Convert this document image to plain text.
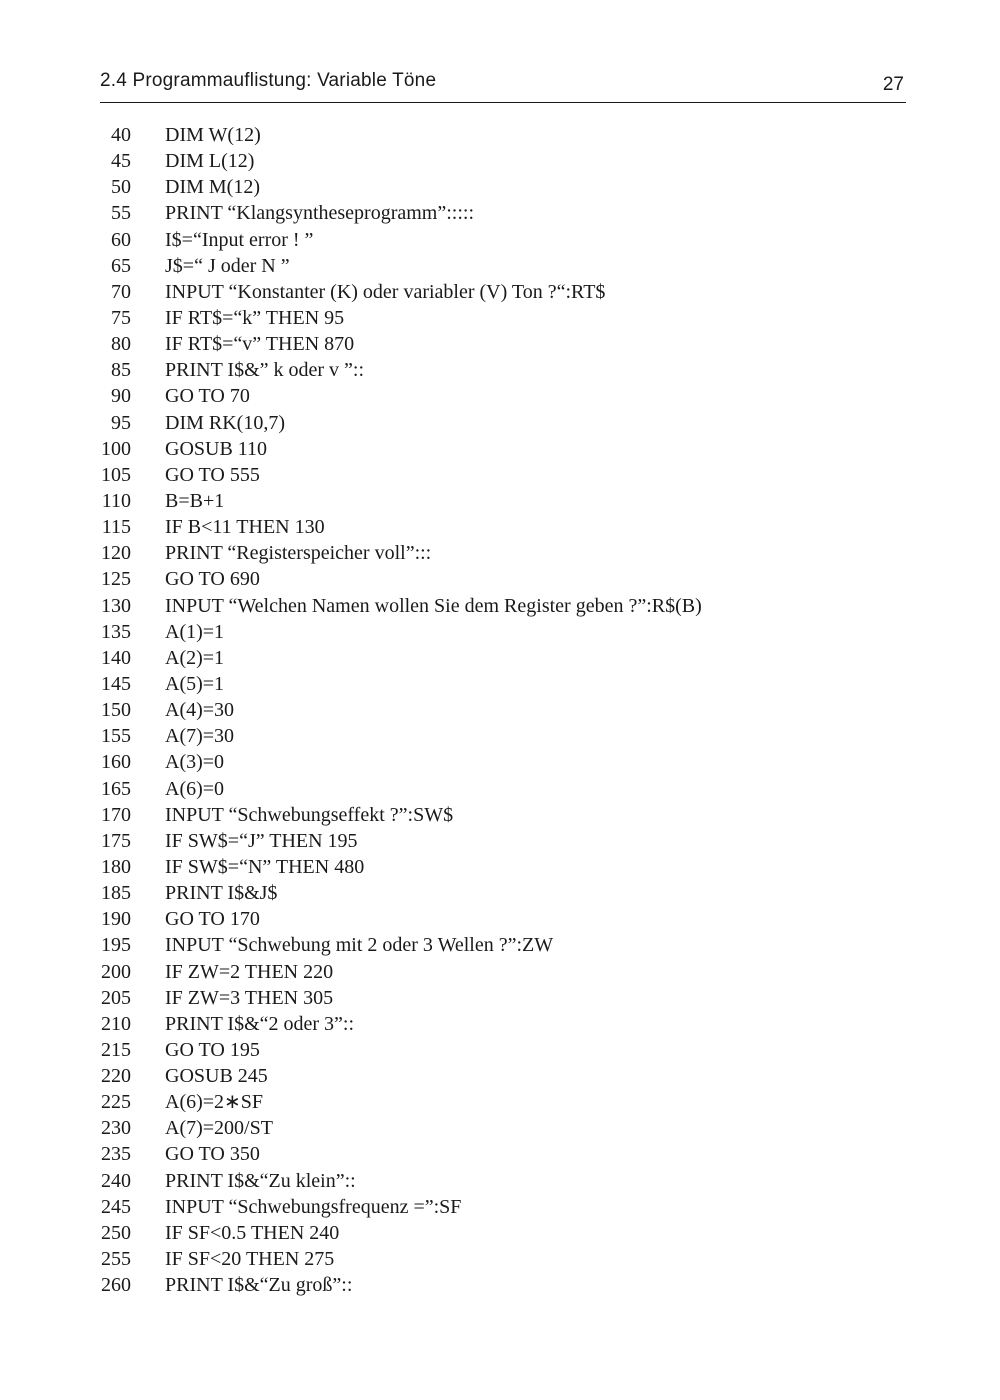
2.4 Programmauflistung: Variable Töne	27
40 DIM W(12)
45 DIM L(12)
50 DIM M(12)
55 PRINT “Klangsyntheseprogramm”:::::
60 I$=“Input error ! ”
65 J$=“ J oder N ”
70 INPUT “Konstanter (K) oder variabler (V) Ton ?“:RT$
75 IF RT$=“k” THEN 95
80 IF RT$=“v” THEN 870
85 PRINT I$&” k oder v ”::
90 GO TO 70
95 DIM RK(10,7)
100 GOSUB 110
105 GO TO 555
110 B=B+1
115 IF B<11 THEN 130
120 PRINT “Registerspeicher voll”:::
125 GO TO 690
130 INPUT “Welchen Namen wollen Sie dem Register geben ?”:R$(B)
135 A(1)=1
140 A(2)=1
145 A(5)=1
150 A(4)=30
155 A(7)=30
160 A(3)=0
165 A(6)=0
170 INPUT “Schwebungseffekt ?”:SW$
175 IF SW$=“J” THEN 195
180 IF SW$=“N” THEN 480
185 PRINT I$&J$
190 GO TO 170
195 INPUT “Schwebung mit 2 oder 3 Wellen ?”:ZW
200 IF ZW=2 THEN 220
205 IF ZW=3 THEN 305
210 PRINT I$&“2 oder 3”::
215 GO TO 195
220 GOSUB 245
225 A(6)=2∗SF
230 A(7)=200/ST
235 GO TO 350
240 PRINT I$&“Zu klein”::
245 INPUT “Schwebungsfrequenz =”:SF
250 IF SF<0.5 THEN 240
255 IF SF<20 THEN 275
260 PRINT I$&“Zu groß”::
